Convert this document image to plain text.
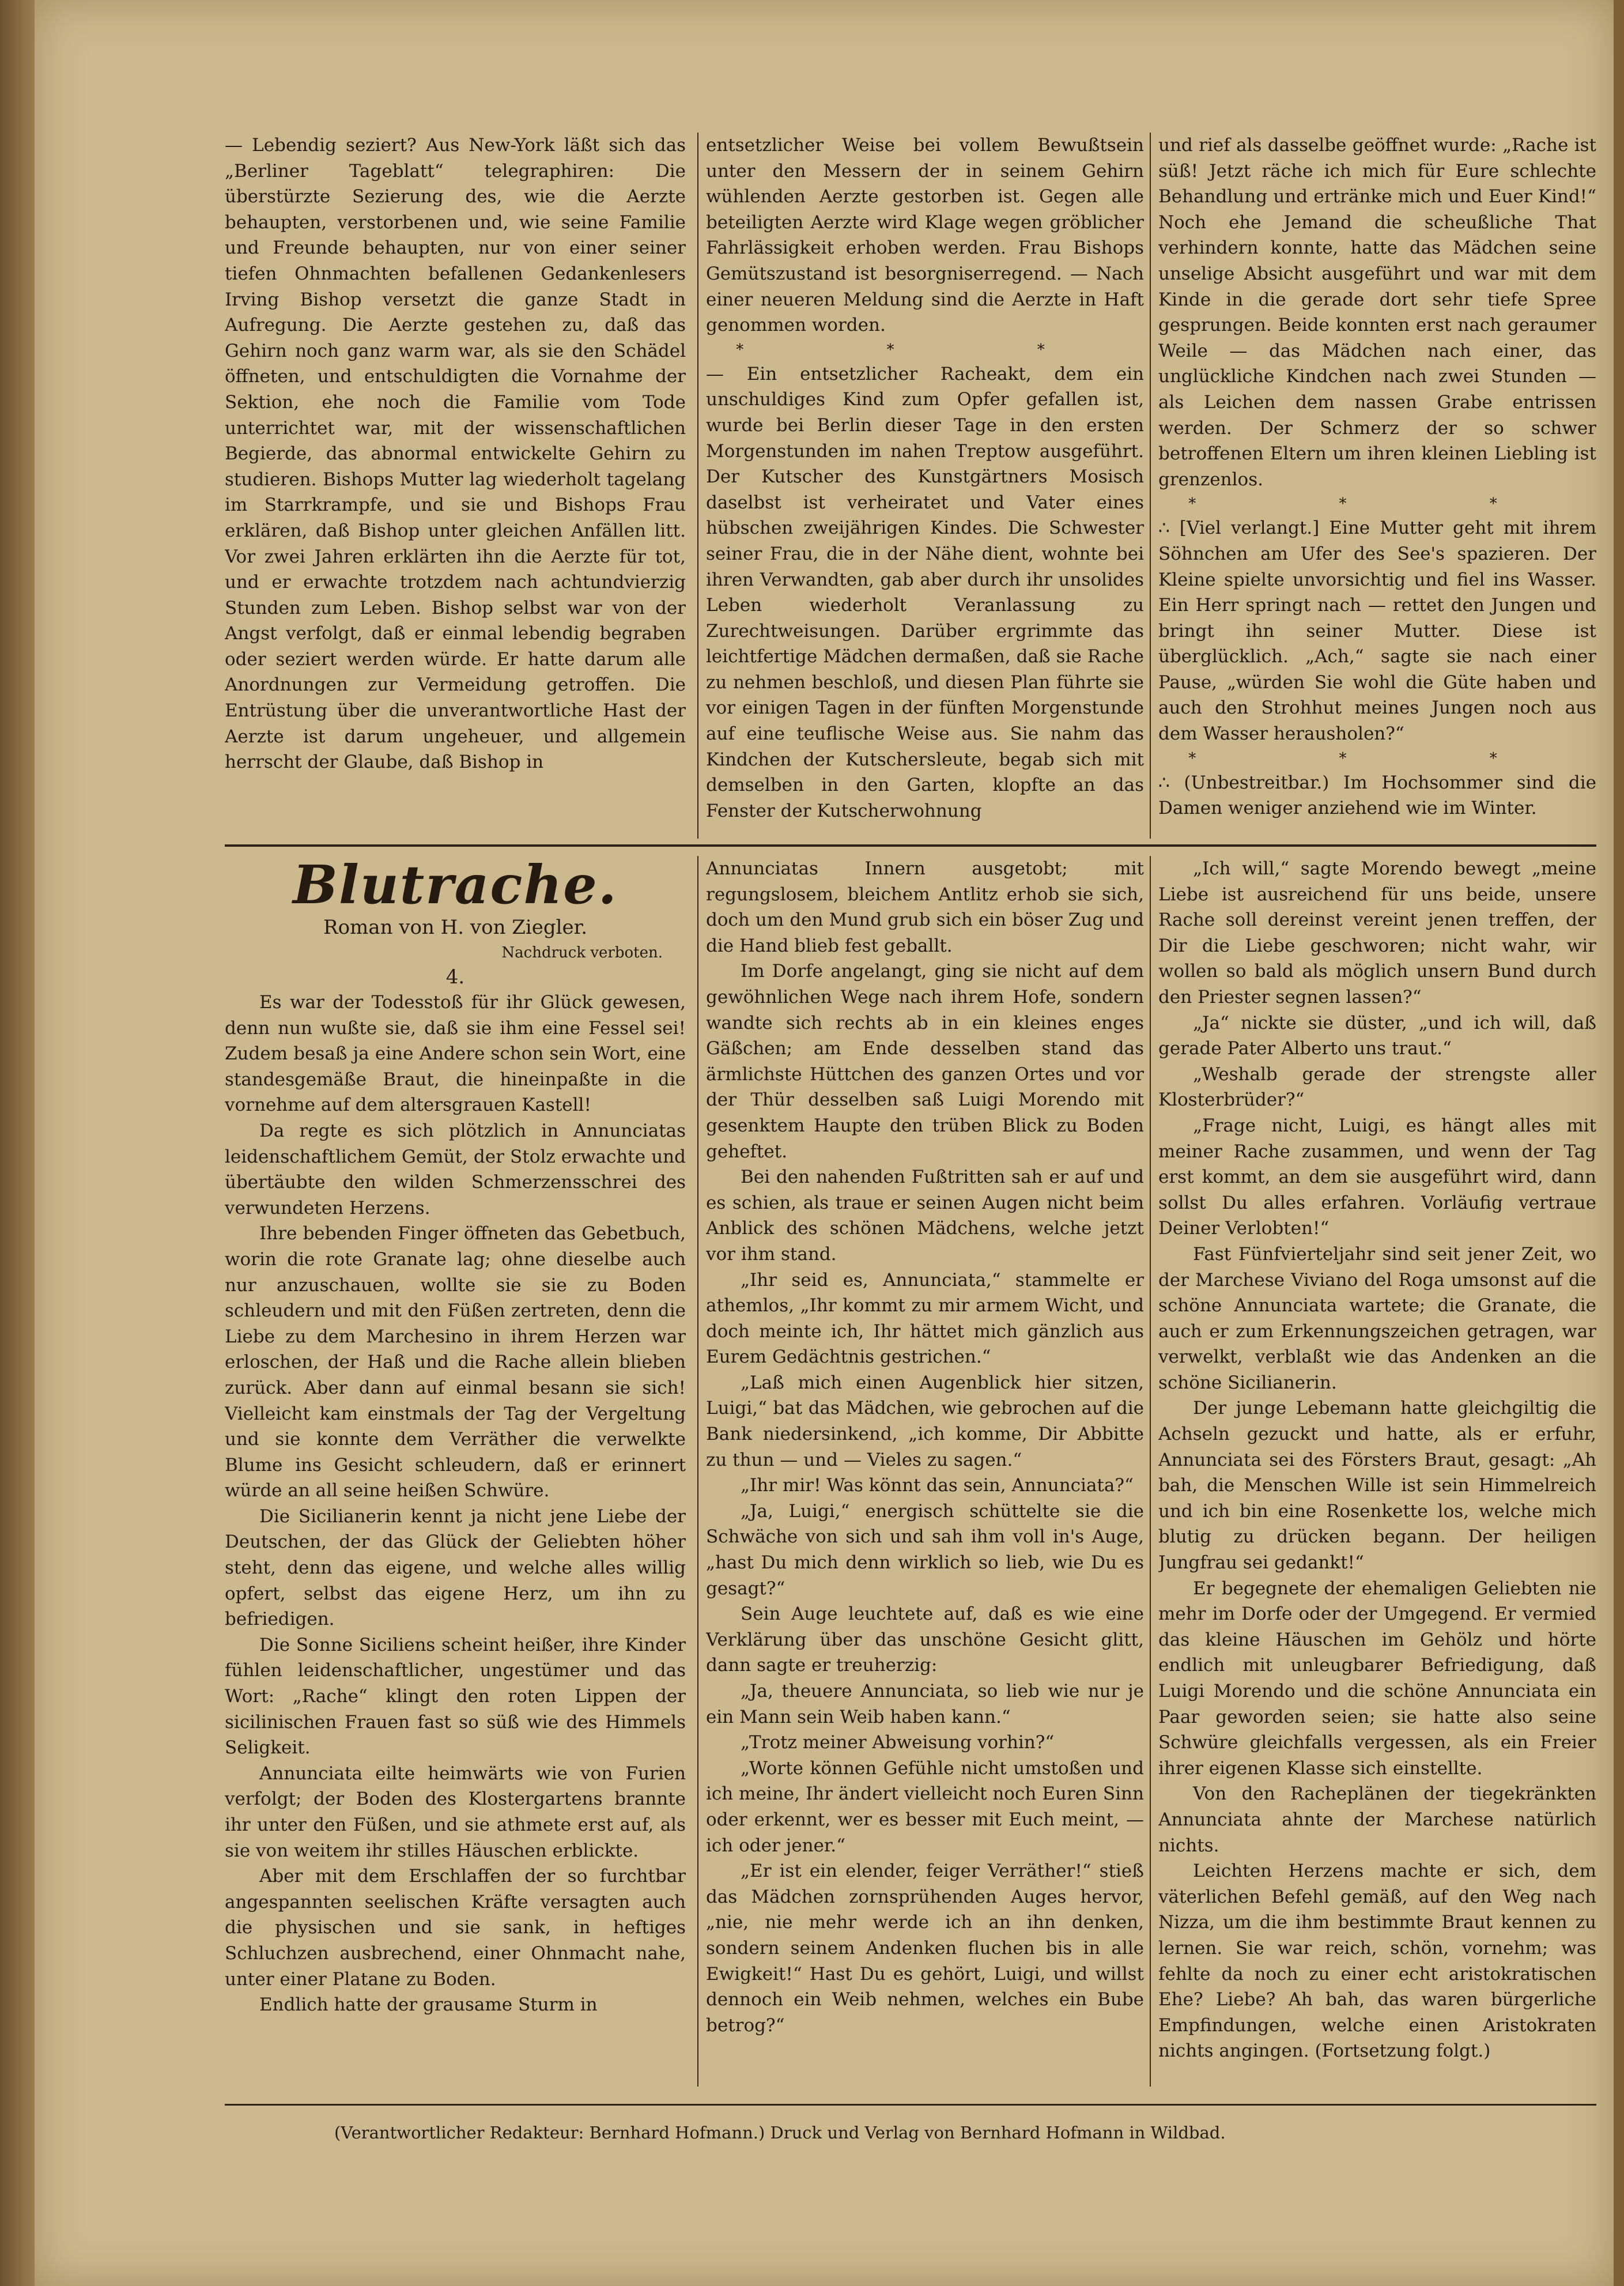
— Lebendig seziert? Aus New-York läßt sich das „Berliner Tageblatt“ telegraphiren: Die überstürzte Sezierung des, wie die Aerzte behaupten, verstorbenen und, wie seine Familie und Freunde behaupten, nur von einer seiner tiefen Ohnmachten befallenen Gedankenlesers Irving Bishop versetzt die ganze Stadt in Aufregung. Die Aerzte gestehen zu, daß das Gehirn noch ganz warm war, als sie den Schädel öffneten, und entschuldigten die Vornahme der Sektion, ehe noch die Familie vom Tode unterrichtet war, mit der wissenschaftlichen Begierde, das abnormal entwickelte Gehirn zu studieren. Bishops Mutter lag wiederholt tagelang im Starrkrampfe, und sie und Bishops Frau erklären, daß Bishop unter gleichen Anfällen litt. Vor zwei Jahren erklärten ihn die Aerzte für tot, und er erwachte trotzdem nach achtundvierzig Stunden zum Leben. Bishop selbst war von der Angst verfolgt, daß er einmal lebendig begraben oder seziert werden würde. Er hatte darum alle Anordnungen zur Vermeidung getroffen. Die Entrüstung über die unverantwortliche Hast der Aerzte ist darum ungeheuer, und allgemein herrscht der Glaube, daß Bishop in

entsetzlicher Weise bei vollem Bewußtsein unter den Messern der in seinem Gehirn wühlenden Aerzte gestorben ist. Gegen alle beteiligten Aerzte wird Klage wegen gröblicher Fahrlässigkeit erhoben werden. Frau Bishops Gemütszustand ist besorgniserregend. — Nach einer neueren Meldung sind die Aerzte in Haft genommen worden.

* * *

— Ein entsetzlicher Racheakt, dem ein unschuldiges Kind zum Opfer gefallen ist, wurde bei Berlin dieser Tage in den ersten Morgenstunden im nahen Treptow ausgeführt. Der Kutscher des Kunstgärtners Mosisch daselbst ist verheiratet und Vater eines hübschen zweijährigen Kindes. Die Schwester seiner Frau, die in der Nähe dient, wohnte bei ihren Verwandten, gab aber durch ihr unsolides Leben wiederholt Veranlassung zu Zurechtweisungen. Darüber ergrimmte das leichtfertige Mädchen dermaßen, daß sie Rache zu nehmen beschloß, und diesen Plan führte sie vor einigen Tagen in der fünften Morgenstunde auf eine teuflische Weise aus. Sie nahm das Kindchen der Kutschersleute, begab sich mit demselben in den Garten, klopfte an das Fenster der Kutscherwohnung

und rief als dasselbe geöffnet wurde: „Rache ist süß! Jetzt räche ich mich für Eure schlechte Behandlung und ertränke mich und Euer Kind!“ Noch ehe Jemand die scheußliche That verhindern konnte, hatte das Mädchen seine unselige Absicht ausgeführt und war mit dem Kinde in die gerade dort sehr tiefe Spree gesprungen. Beide konnten erst nach geraumer Weile — das Mädchen nach einer, das unglückliche Kindchen nach zwei Stunden — als Leichen dem nassen Grabe entrissen werden. Der Schmerz der so schwer betroffenen Eltern um ihren kleinen Liebling ist grenzenlos.

* * *

∴ [Viel verlangt.] Eine Mutter geht mit ihrem Söhnchen am Ufer des See's spazieren. Der Kleine spielte unvorsichtig und fiel ins Wasser. Ein Herr springt nach — rettet den Jungen und bringt ihn seiner Mutter. Diese ist überglücklich. „Ach,“ sagte sie nach einer Pause, „würden Sie wohl die Güte haben und auch den Strohhut meines Jungen noch aus dem Wasser herausholen?“

* * *

∴ (Unbestreitbar.) Im Hochsommer sind die Damen weniger anziehend wie im Winter.

Blutrache.
Roman von H. von Ziegler.
Nachdruck verboten.
4.

Es war der Todesstoß für ihr Glück gewesen, denn nun wußte sie, daß sie ihm eine Fessel sei! Zudem besaß ja eine Andere schon sein Wort, eine standesgemäße Braut, die hineinpaßte in die vornehme auf dem altersgrauen Kastell!

Da regte es sich plötzlich in Annunciatas leidenschaftlichem Gemüt, der Stolz erwachte und übertäubte den wilden Schmerzensschrei des verwundeten Herzens.

Ihre bebenden Finger öffneten das Gebetbuch, worin die rote Granate lag; ohne dieselbe auch nur anzuschauen, wollte sie sie zu Boden schleudern und mit den Füßen zertreten, denn die Liebe zu dem Marchesino in ihrem Herzen war erloschen, der Haß und die Rache allein blieben zurück. Aber dann auf einmal besann sie sich! Vielleicht kam einstmals der Tag der Vergeltung und sie konnte dem Verräther die verwelkte Blume ins Gesicht schleudern, daß er erinnert würde an all seine heißen Schwüre.

Die Sicilianerin kennt ja nicht jene Liebe der Deutschen, der das Glück der Geliebten höher steht, denn das eigene, und welche alles willig opfert, selbst das eigene Herz, um ihn zu befriedigen.

Die Sonne Siciliens scheint heißer, ihre Kinder fühlen leidenschaftlicher, ungestümer und das Wort: „Rache“ klingt den roten Lippen der sicilinischen Frauen fast so süß wie des Himmels Seligkeit.

Annunciata eilte heimwärts wie von Furien verfolgt; der Boden des Klostergartens brannte ihr unter den Füßen, und sie athmete erst auf, als sie von weitem ihr stilles Häuschen erblickte.

Aber mit dem Erschlaffen der so furchtbar angespannten seelischen Kräfte versagten auch die physischen und sie sank, in heftiges Schluchzen ausbrechend, einer Ohnmacht nahe, unter einer Platane zu Boden.

Endlich hatte der grausame Sturm in

Annunciatas Innern ausgetobt; mit regungslosem, bleichem Antlitz erhob sie sich, doch um den Mund grub sich ein böser Zug und die Hand blieb fest geballt.

Im Dorfe angelangt, ging sie nicht auf dem gewöhnlichen Wege nach ihrem Hofe, sondern wandte sich rechts ab in ein kleines enges Gäßchen; am Ende desselben stand das ärmlichste Hüttchen des ganzen Ortes und vor der Thür desselben saß Luigi Morendo mit gesenktem Haupte den trüben Blick zu Boden geheftet.

Bei den nahenden Fußtritten sah er auf und es schien, als traue er seinen Augen nicht beim Anblick des schönen Mädchens, welche jetzt vor ihm stand.

„Ihr seid es, Annunciata,“ stammelte er athemlos, „Ihr kommt zu mir armem Wicht, und doch meinte ich, Ihr hättet mich gänzlich aus Eurem Gedächtnis gestrichen.“

„Laß mich einen Augenblick hier sitzen, Luigi,“ bat das Mädchen, wie gebrochen auf die Bank niedersinkend, „ich komme, Dir Abbitte zu thun — und — Vieles zu sagen.“

„Ihr mir! Was könnt das sein, Annunciata?“

„Ja, Luigi,“ energisch schüttelte sie die Schwäche von sich und sah ihm voll in's Auge, „hast Du mich denn wirklich so lieb, wie Du es gesagt?“

Sein Auge leuchtete auf, daß es wie eine Verklärung über das unschöne Gesicht glitt, dann sagte er treuherzig:

„Ja, theuere Annunciata, so lieb wie nur je ein Mann sein Weib haben kann.“

„Trotz meiner Abweisung vorhin?“

„Worte können Gefühle nicht umstoßen und ich meine, Ihr ändert vielleicht noch Euren Sinn oder erkennt, wer es besser mit Euch meint, — ich oder jener.“

„Er ist ein elender, feiger Verräther!“ stieß das Mädchen zornsprühenden Auges hervor, „nie, nie mehr werde ich an ihn denken, sondern seinem Andenken fluchen bis in alle Ewigkeit!“ Hast Du es gehört, Luigi, und willst dennoch ein Weib nehmen, welches ein Bube betrog?“

„Ich will,“ sagte Morendo bewegt „meine Liebe ist ausreichend für uns beide, unsere Rache soll dereinst vereint jenen treffen, der Dir die Liebe geschworen; nicht wahr, wir wollen so bald als möglich unsern Bund durch den Priester segnen lassen?“

„Ja“ nickte sie düster, „und ich will, daß gerade Pater Alberto uns traut.“

„Weshalb gerade der strengste aller Klosterbrüder?“

„Frage nicht, Luigi, es hängt alles mit meiner Rache zusammen, und wenn der Tag erst kommt, an dem sie ausgeführt wird, dann sollst Du alles erfahren. Vorläufig vertraue Deiner Verlobten!“

Fast Fünfvierteljahr sind seit jener Zeit, wo der Marchese Viviano del Roga umsonst auf die schöne Annunciata wartete; die Granate, die auch er zum Erkennungszeichen getragen, war verwelkt, verblaßt wie das Andenken an die schöne Sicilianerin.

Der junge Lebemann hatte gleichgiltig die Achseln gezuckt und hatte, als er erfuhr, Annunciata sei des Försters Braut, gesagt: „Ah bah, die Menschen Wille ist sein Himmelreich und ich bin eine Rosenkette los, welche mich blutig zu drücken begann. Der heiligen Jungfrau sei gedankt!“

Er begegnete der ehemaligen Geliebten nie mehr im Dorfe oder der Umgegend. Er vermied das kleine Häuschen im Gehölz und hörte endlich mit unleugbarer Befriedigung, daß Luigi Morendo und die schöne Annunciata ein Paar geworden seien; sie hatte also seine Schwüre gleichfalls vergessen, als ein Freier ihrer eigenen Klasse sich einstellte.

Von den Racheplänen der tiegekränkten Annunciata ahnte der Marchese natürlich nichts.

Leichten Herzens machte er sich, dem väterlichen Befehl gemäß, auf den Weg nach Nizza, um die ihm bestimmte Braut kennen zu lernen. Sie war reich, schön, vornehm; was fehlte da noch zu einer echt aristokratischen Ehe? Liebe? Ah bah, das waren bürgerliche Empfindungen, welche einen Aristokraten nichts angingen. (Fortsetzung folgt.)

(Verantwortlicher Redakteur: Bernhard Hofmann.) Druck und Verlag von Bernhard Hofmann in Wildbad.
